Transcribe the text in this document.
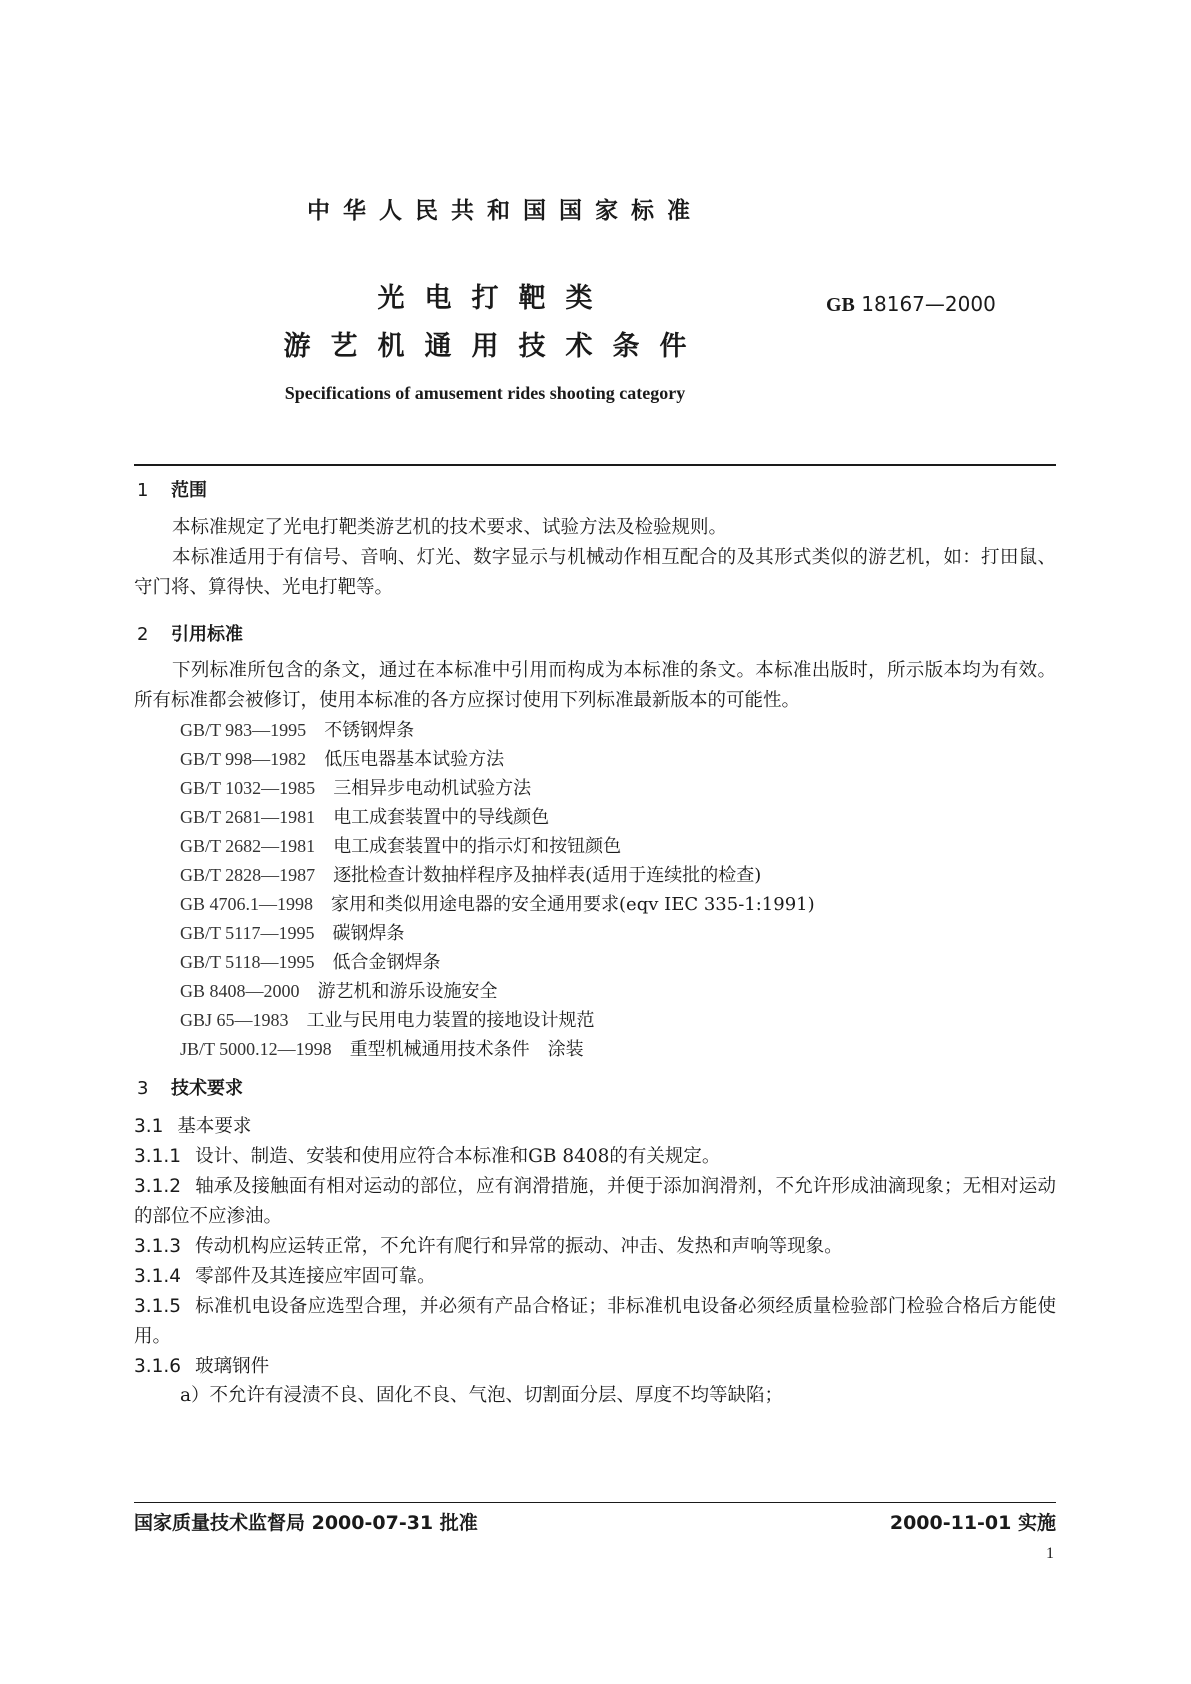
中华人民共和国国家标准
光电打靶类
游艺机通用技术条件
GB 18167—2000
Specifications of amusement rides shooting category
1 范围
本标准规定了光电打靶类游艺机的技术要求、试验方法及检验规则。
本标准适用于有信号、音响、灯光、数字显示与机械动作相互配合的及其形式类似的游艺机，如：打田鼠、守门将、算得快、光电打靶等。
2 引用标准
下列标准所包含的条文，通过在本标准中引用而构成为本标准的条文。本标准出版时，所示版本均为有效。所有标准都会被修订，使用本标准的各方应探讨使用下列标准最新版本的可能性。
GB/T 983—1995 不锈钢焊条
GB/T 998—1982 低压电器基本试验方法
GB/T 1032—1985 三相异步电动机试验方法
GB/T 2681—1981 电工成套装置中的导线颜色
GB/T 2682—1981 电工成套装置中的指示灯和按钮颜色
GB/T 2828—1987 逐批检查计数抽样程序及抽样表(适用于连续批的检查)
GB 4706.1—1998 家用和类似用途电器的安全通用要求(eqv IEC 335-1:1991)
GB/T 5117—1995 碳钢焊条
GB/T 5118—1995 低合金钢焊条
GB 8408—2000 游艺机和游乐设施安全
GBJ 65—1983 工业与民用电力装置的接地设计规范
JB/T 5000.12—1998 重型机械通用技术条件　涂装
3 技术要求
3.1 基本要求
3.1.1 设计、制造、安装和使用应符合本标准和GB 8408的有关规定。
3.1.2 轴承及接触面有相对运动的部位，应有润滑措施，并便于添加润滑剂，不允许形成油滴现象；无相对运动的部位不应渗油。
3.1.3 传动机构应运转正常，不允许有爬行和异常的振动、冲击、发热和声响等现象。
3.1.4 零部件及其连接应牢固可靠。
3.1.5 标准机电设备应选型合理，并必须有产品合格证；非标准机电设备必须经质量检验部门检验合格后方能使用。
3.1.6 玻璃钢件
a）不允许有浸渍不良、固化不良、气泡、切割面分层、厚度不均等缺陷；
国家质量技术监督局 2000-07-31 批准	2000-11-01 实施
1
